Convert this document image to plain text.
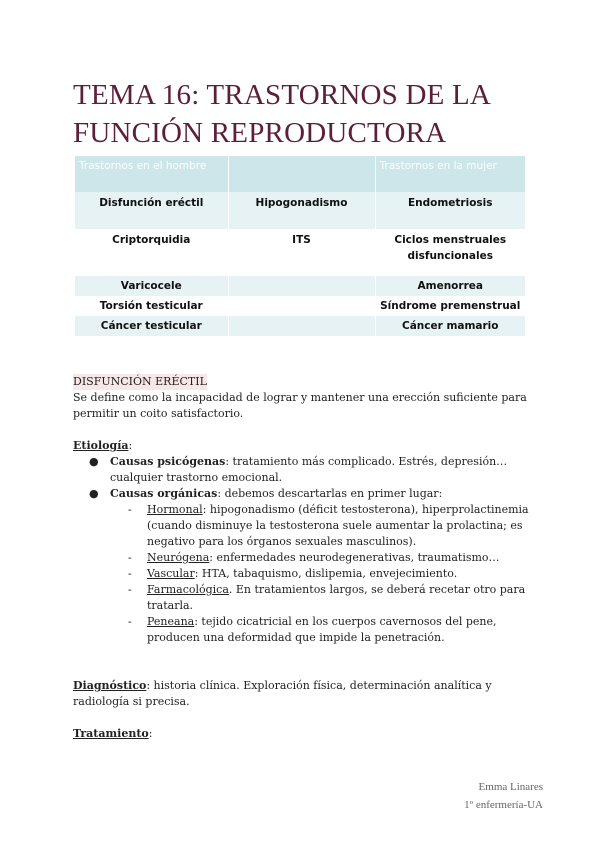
TEMA 16: TRASTORNOS DE LA FUNCIÓN REPRODUCTORA
Trastornos en el hombre		Trastornos en la mujer
Disfunción eréctil	Hipogonadismo	Endometriosis
Criptorquidia	ITS	Ciclos menstruales disfuncionales
Varicocele		Amenorrea
Torsión testicular		Síndrome premenstrual
Cáncer testicular		Cáncer mamario

DISFUNCIÓN ERÉCTIL

Se define como la incapacidad de lograr y mantener una erección suficiente para permitir un coito satisfactorio.

Etiología:

● Causas psicógenas: tratamiento más complicado. Estrés, depresión… cualquier trastorno emocional.
● Causas orgánicas: debemos descartarlas en primer lugar:
- Hormonal: hipogonadismo (déficit testosterona), hiperprolactinemia (cuando disminuye la testosterona suele aumentar la prolactina; es negativo para los órganos sexuales masculinos).
- Neurógena: enfermedades neurodegenerativas, traumatismo…
- Vascular: HTA, tabaquismo, dislipemia, envejecimiento.
- Farmacológica. En tratamientos largos, se deberá recetar otro para tratarla.
- Peneana: tejido cicatricial en los cuerpos cavernosos del pene, producen una deformidad que impide la penetración.

Diagnóstico: historia clínica. Exploración física, determinación analítica y radiología si precisa.

Tratamiento:

Emma Linares
1º enfermería-UA
